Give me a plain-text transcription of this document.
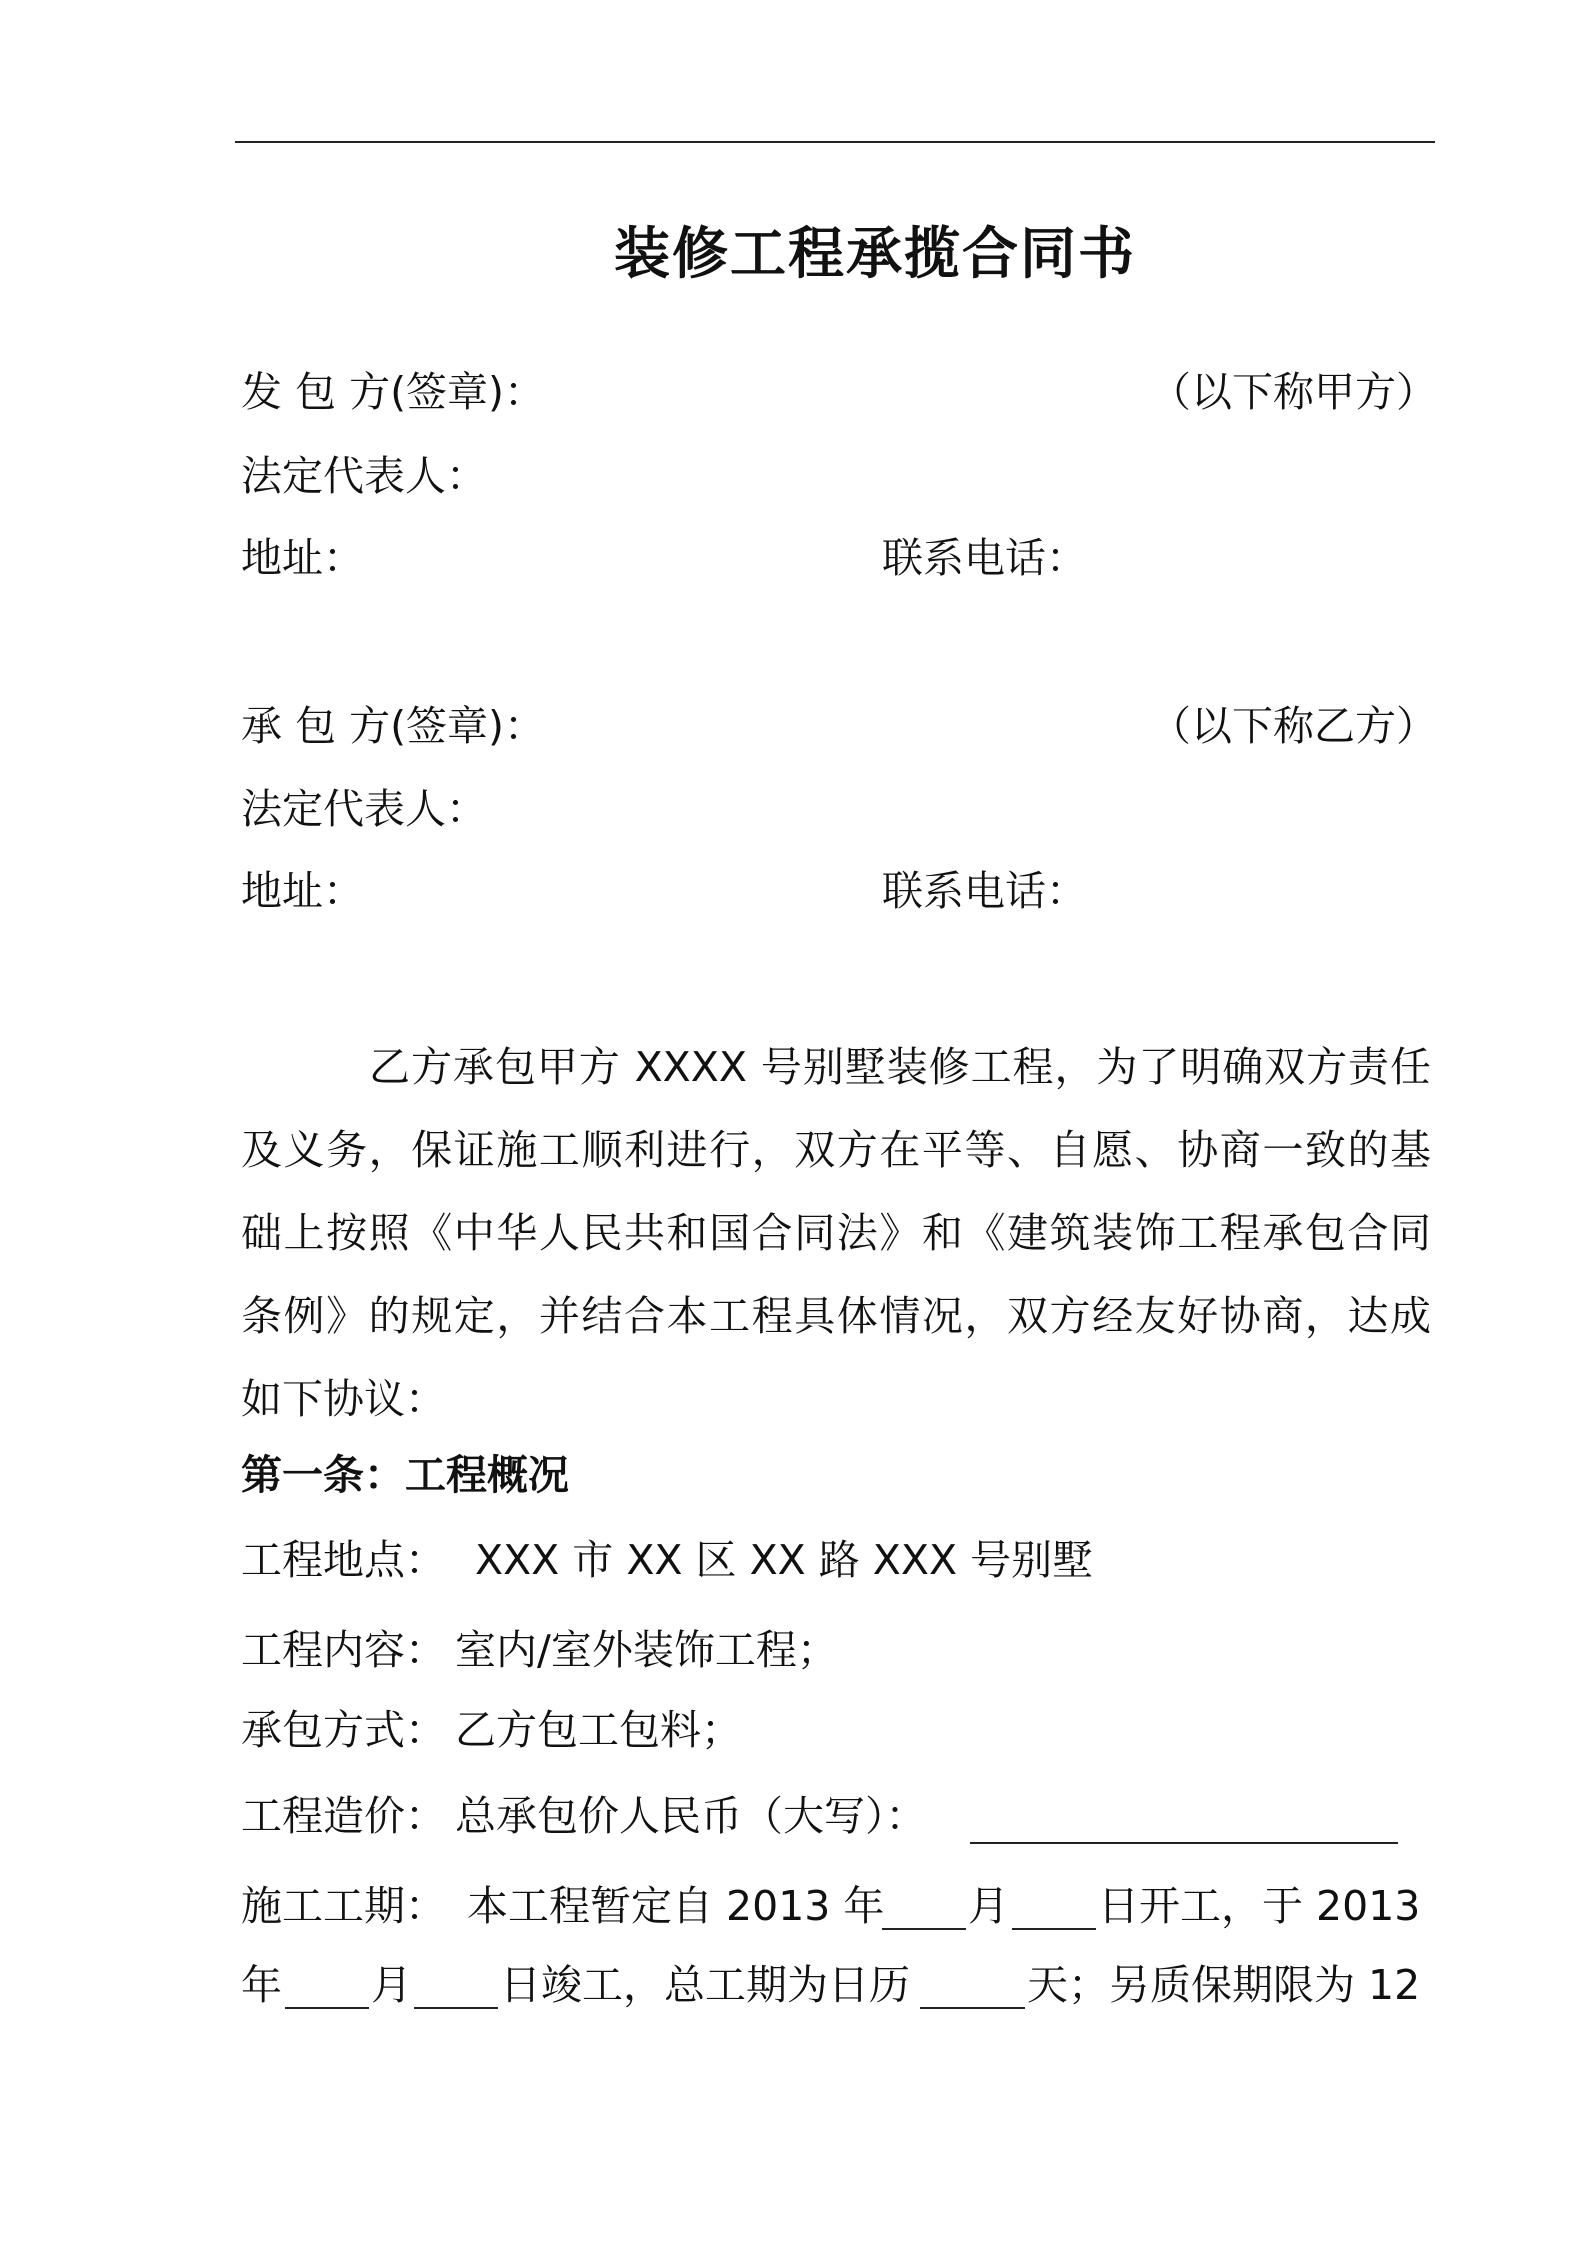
装修工程承揽合同书
发 包 方(签章)：	（以下称甲方）
法定代表人：
地址：	联系电话：
承 包 方(签章)：	（以下称乙方）
法定代表人：
地址：	联系电话：
乙方承包甲方 XXXX 号别墅装修工程，为了明确双方责任
及义务，保证施工顺利进行，双方在平等、自愿、协商一致的基
础上按照《中华人民共和国合同法》和《建筑装饰工程承包合同
条例》的规定，并结合本工程具体情况，双方经友好协商，达成
如下协议：
第一条：工程概况
工程地点： XXX 市 XX 区 XX 路 XXX 号别墅
工程内容： 室内/室外装饰工程；
承包方式： 乙方包工包料；
工程造价： 总承包价人民币（大写）：
施工工期： 本工程暂定自 2013 年 月 日开工，于 2013
年 月 日竣工，总工期为日历	天；另质保期限为 12
